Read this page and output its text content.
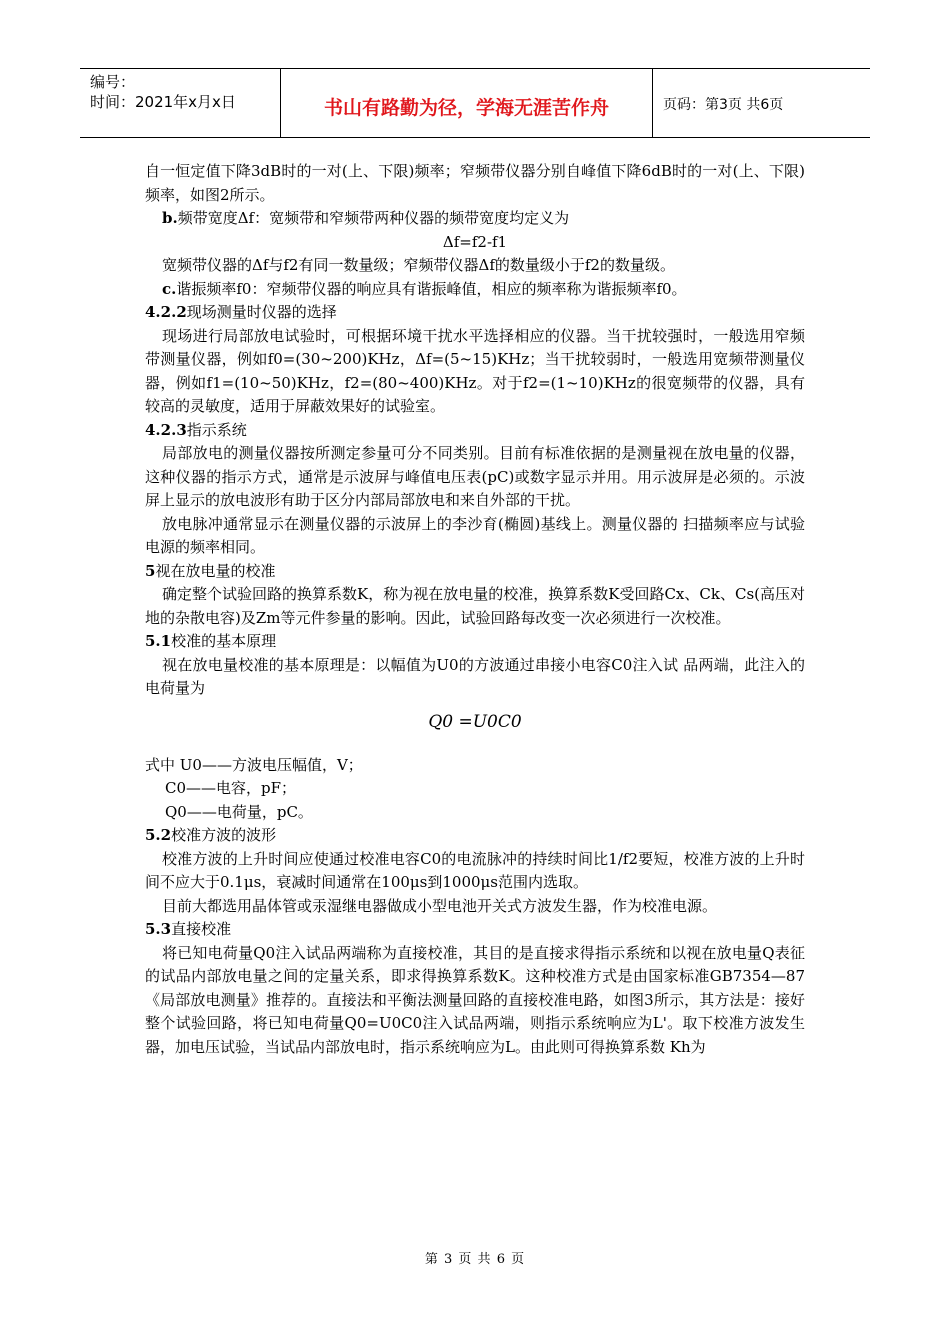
编号：
时间：2021年x月x日	书山有路勤为径，学海无涯苦作舟	页码：第3页 共6页

自一恒定值下降3dB时的一对(上、下限)频率；窄频带仪器分别自峰值下降6dB时的一对(上、下限)频率，如图2所示。

b.频带宽度Δf：宽频带和窄频带两种仪器的频带宽度均定义为

Δf=f2-f1

宽频带仪器的Δf与f2有同一数量级；窄频带仪器Δf的数量级小于f2的数量级。

c.谐振频率f0：窄频带仪器的响应具有谐振峰值，相应的频率称为谐振频率f0。

4.2.2现场测量时仪器的选择

现场进行局部放电试验时，可根据环境干扰水平选择相应的仪器。当干扰较强时，一般选用窄频带测量仪器，例如f0=(30~200)KHz，Δf=(5~15)KHz；当干扰较弱时，一般选用宽频带测量仪器，例如f1=(10~50)KHz，f2=(80~400)KHz。对于f2=(1~10)KHz的很宽频带的仪器，具有较高的灵敏度，适用于屏蔽效果好的试验室。

4.2.3指示系统

局部放电的测量仪器按所测定参量可分不同类别。目前有标准依据的是测量视在放电量的仪器，这种仪器的指示方式，通常是示波屏与峰值电压表(pC)或数字显示并用。用示波屏是必须的。示波屏上显示的放电波形有助于区分内部局部放电和来自外部的干扰。

放电脉冲通常显示在测量仪器的示波屏上的李沙育(椭圆)基线上。测量仪器的 扫描频率应与试验电源的频率相同。

5视在放电量的校准

确定整个试验回路的换算系数K，称为视在放电量的校准，换算系数K受回路Cx、Ck、Cs(高压对地的杂散电容)及Zm等元件参量的影响。因此，试验回路每改变一次必须进行一次校准。

5.1校准的基本原理

视在放电量校准的基本原理是：以幅值为U0的方波通过串接小电容C0注入试 品两端，此注入的电荷量为

Q0 =U0C0

式中 U0——方波电压幅值，V；

C0——电容，pF；

Q0——电荷量，pC。

5.2校准方波的波形

校准方波的上升时间应使通过校准电容C0的电流脉冲的持续时间比1/f2要短，校准方波的上升时间不应大于0.1μs，衰减时间通常在100μs到1000μs范围内选取。

目前大都选用晶体管或汞湿继电器做成小型电池开关式方波发生器，作为校准电源。

5.3直接校准

将已知电荷量Q0注入试品两端称为直接校准，其目的是直接求得指示系统和以视在放电量Q表征的试品内部放电量之间的定量关系，即求得换算系数K。这种校准方式是由国家标准GB7354—87《局部放电测量》推荐的。直接法和平衡法测量回路的直接校准电路，如图3所示，其方法是：接好整个试验回路，将已知电荷量Q0=U0C0注入试品两端，则指示系统响应为L'。取下校准方波发生器，加电压试验，当试品内部放电时，指示系统响应为L。由此则可得换算系数 Kh为

第 3 页 共 6 页
